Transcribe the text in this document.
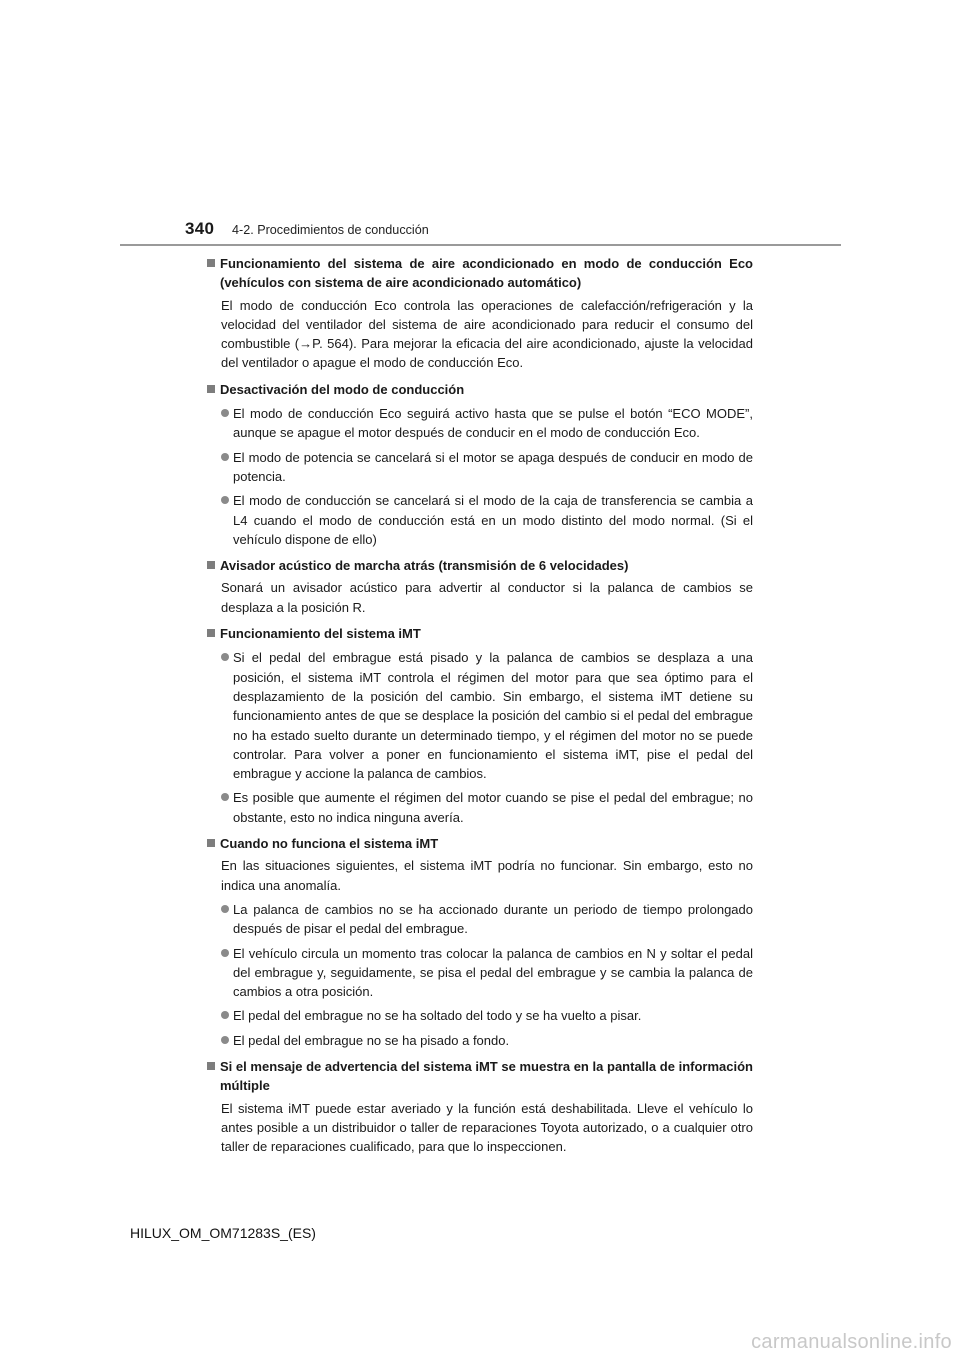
340 4-2. Procedimientos de conducción
Funcionamiento del sistema de aire acondicionado en modo de conducción Eco (vehículos con sistema de aire acondicionado automático)
El modo de conducción Eco controla las operaciones de calefacción/refrigeración y la velocidad del ventilador del sistema de aire acondicionado para reducir el consumo del combustible (→P. 564). Para mejorar la eficacia del aire acondicionado, ajuste la velocidad del ventilador o apague el modo de conducción Eco.
Desactivación del modo de conducción
El modo de conducción Eco seguirá activo hasta que se pulse el botón “ECO MODE”, aunque se apague el motor después de conducir en el modo de conducción Eco.
El modo de potencia se cancelará si el motor se apaga después de conducir en modo de potencia.
El modo de conducción se cancelará si el modo de la caja de transferencia se cambia a L4 cuando el modo de conducción está en un modo distinto del modo normal. (Si el vehículo dispone de ello)
Avisador acústico de marcha atrás (transmisión de 6 velocidades)
Sonará un avisador acústico para advertir al conductor si la palanca de cambios se desplaza a la posición R.
Funcionamiento del sistema iMT
Si el pedal del embrague está pisado y la palanca de cambios se desplaza a una posición, el sistema iMT controla el régimen del motor para que sea óptimo para el desplazamiento de la posición del cambio. Sin embargo, el sistema iMT detiene su funcionamiento antes de que se desplace la posición del cambio si el pedal del embrague no ha estado suelto durante un determinado tiempo, y el régimen del motor no se puede controlar. Para volver a poner en funcionamiento el sistema iMT, pise el pedal del embrague y accione la palanca de cambios.
Es posible que aumente el régimen del motor cuando se pise el pedal del embrague; no obstante, esto no indica ninguna avería.
Cuando no funciona el sistema iMT
En las situaciones siguientes, el sistema iMT podría no funcionar. Sin embargo, esto no indica una anomalía.
La palanca de cambios no se ha accionado durante un periodo de tiempo prolongado después de pisar el pedal del embrague.
El vehículo circula un momento tras colocar la palanca de cambios en N y soltar el pedal del embrague y, seguidamente, se pisa el pedal del embrague y se cambia la palanca de cambios a otra posición.
El pedal del embrague no se ha soltado del todo y se ha vuelto a pisar.
El pedal del embrague no se ha pisado a fondo.
Si el mensaje de advertencia del sistema iMT se muestra en la pantalla de información múltiple
El sistema iMT puede estar averiado y la función está deshabilitada. Lleve el vehículo lo antes posible a un distribuidor o taller de reparaciones Toyota autorizado, o a cualquier otro taller de reparaciones cualificado, para que lo inspeccionen.
HILUX_OM_OM71283S_(ES)
carmanualsonline.info
